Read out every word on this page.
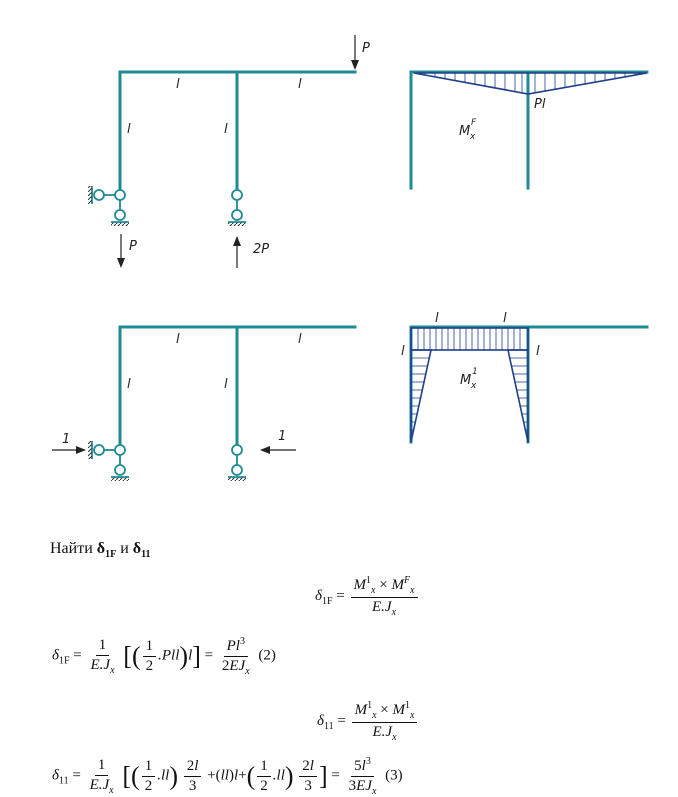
P
l	l
l	l
P	2P
Pl
M x
F
l	l
l	l
1	1
l	l
l	l
M x
1
Найти $\delta_{1F}$ и $\delta_{11}$
$\delta_{1F} = \frac{M^1_x \times M^F_x}{E.J_x}$
$\delta_{1F} = \frac{1}{E.J_x}$ [( $\frac{1}{2} .Pll)l] = \frac{Pl^3}{2EJ_x} (2)$
$\delta_{11} = \frac{M^1_x \times M^1_x}{E.J_x}$
$\delta_{11} = \frac{1}{E.J_x}$ [( $\frac{1}{2} .ll) \frac{2l}{3} +(ll)l+( \frac{1}{2} .ll) \frac{2l}{3}$ ] = $\frac{5l^3}{3EJ_x} (3)$
